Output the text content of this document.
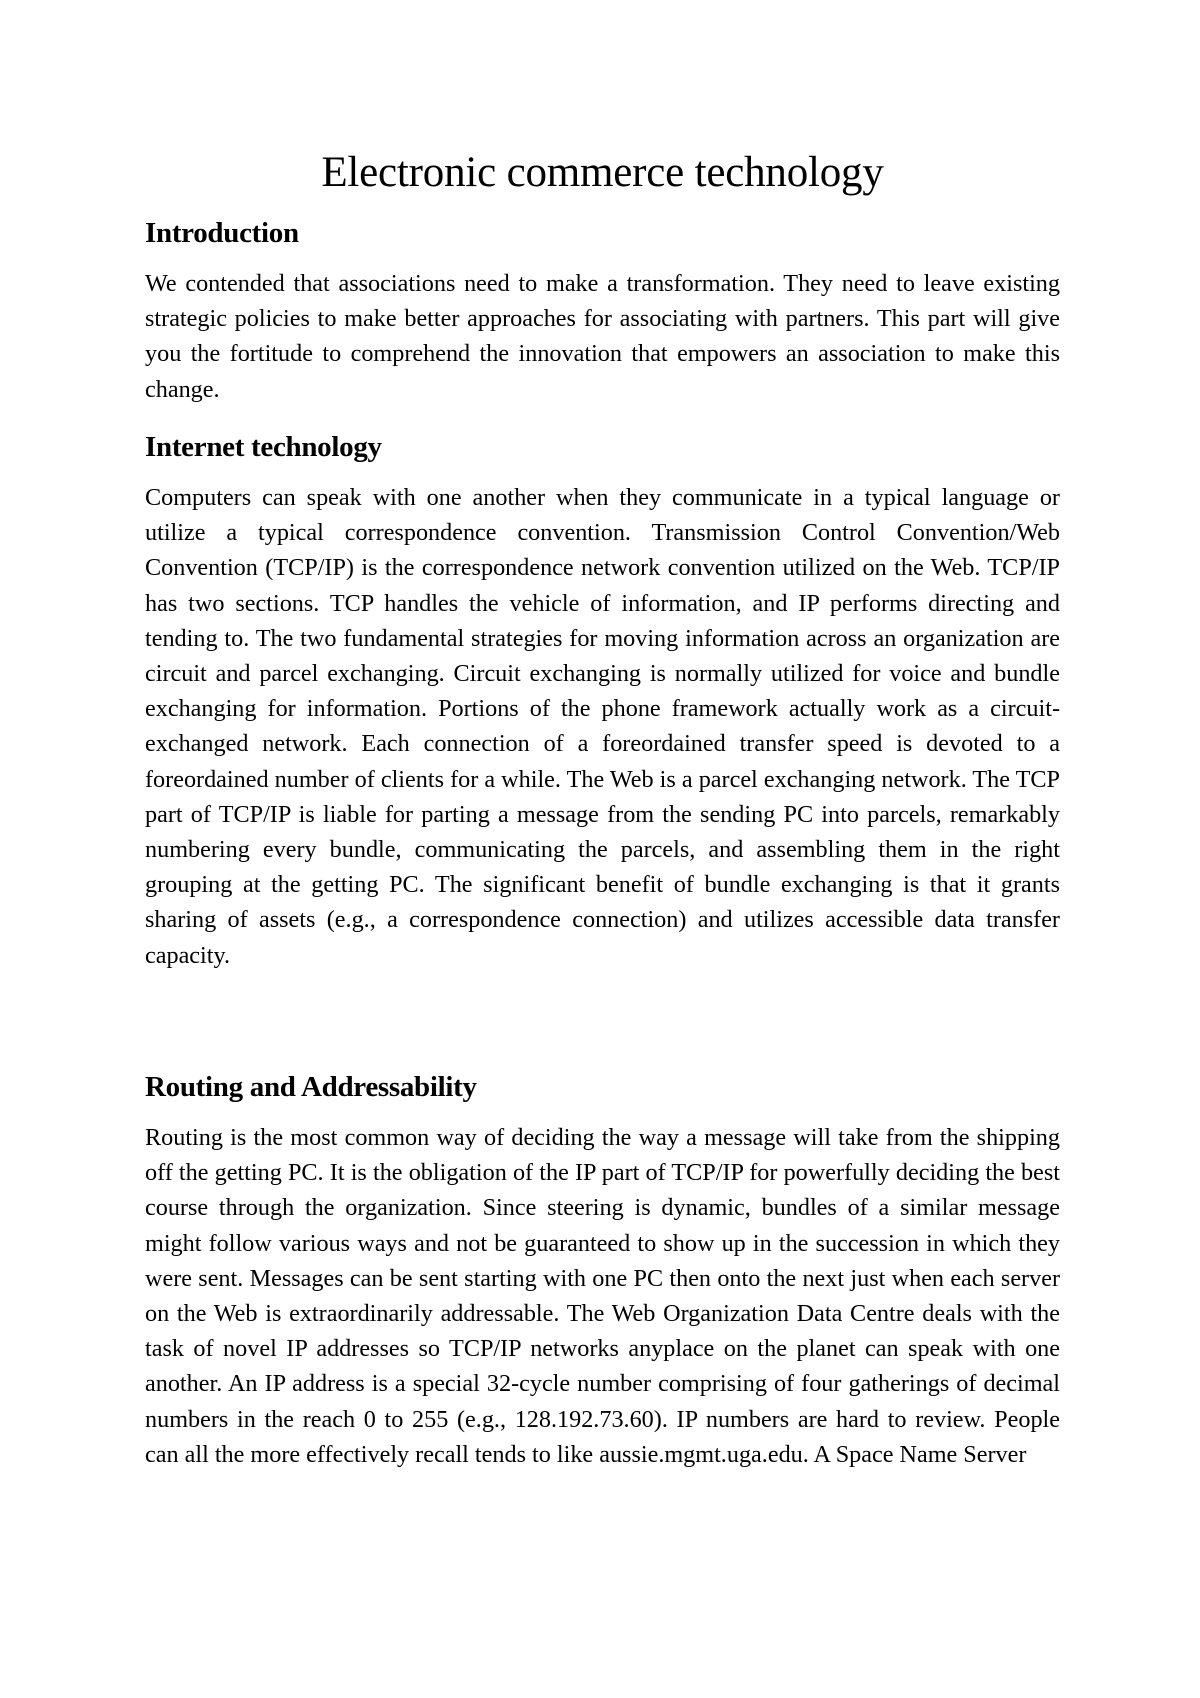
Electronic commerce technology
Introduction

We contended that associations need to make a transformation. They need to leave existing strategic policies to make better approaches for associating with partners. This part will give you the fortitude to comprehend the innovation that empowers an association to make this change.

Internet technology

Computers can speak with one another when they communicate in a typical language or utilize a typical correspondence convention. Transmission Control Convention/Web Convention (TCP/IP) is the correspondence network convention utilized on the Web. TCP/IP has two sections. TCP handles the vehicle of information, and IP performs directing and tending to. The two fundamental strategies for moving information across an organization are circuit and parcel exchanging. Circuit exchanging is normally utilized for voice and bundle exchanging for information. Portions of the phone framework actually work as a circuit-exchanged network. Each connection of a foreordained transfer speed is devoted to a foreordained number of clients for a while. The Web is a parcel exchanging network. The TCP part of TCP/IP is liable for parting a message from the sending PC into parcels, remarkably numbering every bundle, communicating the parcels, and assembling them in the right grouping at the getting PC. The significant benefit of bundle exchanging is that it grants sharing of assets (e.g., a correspondence connection) and utilizes accessible data transfer capacity.

Routing and Addressability

Routing is the most common way of deciding the way a message will take from the shipping off the getting PC. It is the obligation of the IP part of TCP/IP for powerfully deciding the best course through the organization. Since steering is dynamic, bundles of a similar message might follow various ways and not be guaranteed to show up in the succession in which they were sent. Messages can be sent starting with one PC then onto the next just when each server on the Web is extraordinarily addressable. The Web Organization Data Centre deals with the task of novel IP addresses so TCP/IP networks anyplace on the planet can speak with one another. An IP address is a special 32-cycle number comprising of four gatherings of decimal numbers in the reach 0 to 255 (e.g., 128.192.73.60). IP numbers are hard to review. People can all the more effectively recall tends to like aussie.mgmt.uga.edu. A Space Name Server
